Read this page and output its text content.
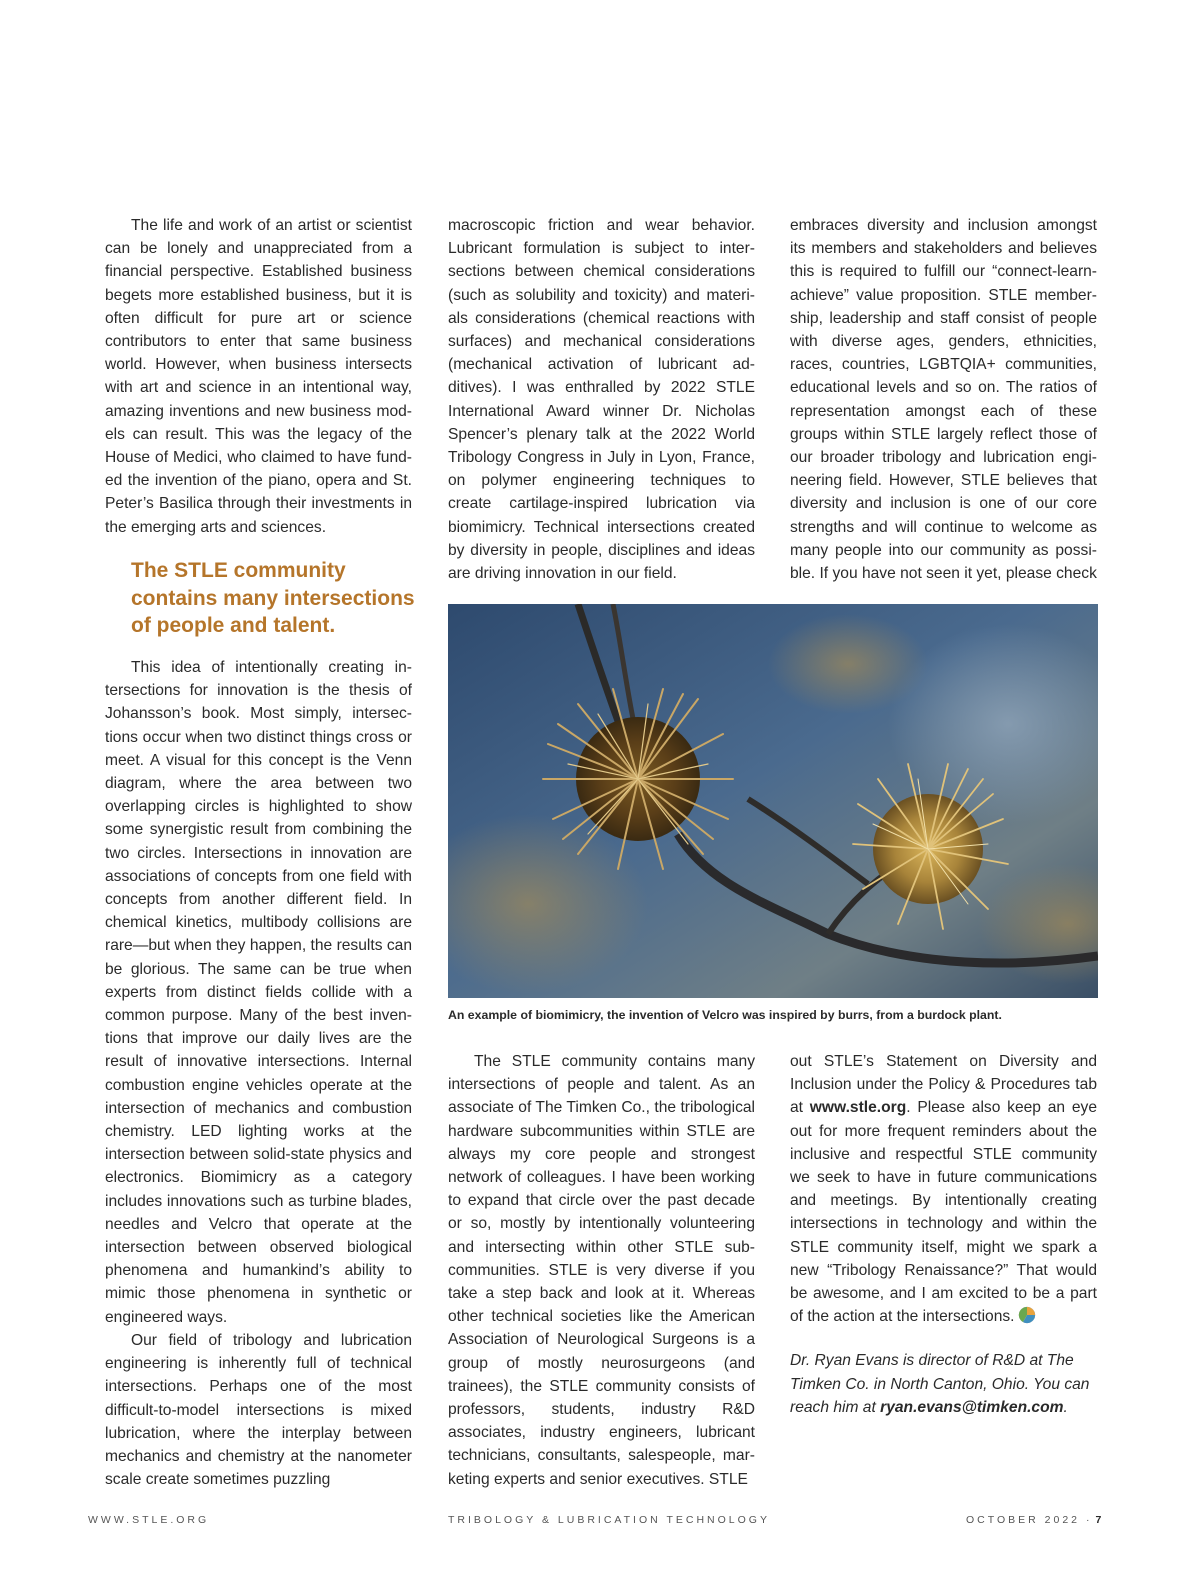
The life and work of an artist or scientist can be lonely and unappreciated from a financial perspective. Established business begets more established business, but it is often difficult for pure art or science contributors to enter that same business world. However, when business intersects with art and science in an intentional way, amazing inventions and new business models can result. This was the legacy of the House of Medici, who claimed to have funded the invention of the piano, opera and St. Peter’s Basilica through their investments in the emerging arts and sciences.

The STLE community contains many intersections of people and talent.

This idea of intentionally creating intersections for innovation is the thesis of Johansson’s book. Most simply, intersections occur when two distinct things cross or meet. A visual for this concept is the Venn diagram, where the area between two overlapping circles is highlighted to show some synergistic result from combining the two circles. Intersections in innovation are associations of concepts from one field with concepts from another different field. In chemical kinetics, multibody collisions are rare—but when they happen, the results can be glorious. The same can be true when experts from distinct fields collide with a common purpose. Many of the best inventions that improve our daily lives are the result of innovative intersections. Internal combustion engine vehicles operate at the intersection of mechanics and combustion chemistry. LED lighting works at the intersection between solid-state physics and electronics. Biomimicry as a category includes innovations such as turbine blades, needles and Velcro that operate at the intersection between observed biological phenomena and humankind’s ability to mimic those phenomena in synthetic or engineered ways.

Our field of tribology and lubrication engineering is inherently full of technical intersections. Perhaps one of the most difficult-to-model intersections is mixed lubrication, where the interplay between mechanics and chemistry at the nanometer scale create sometimes puzzling

macroscopic friction and wear behavior. Lubricant formulation is subject to intersections between chemical considerations (such as solubility and toxicity) and materials considerations (chemical reactions with surfaces) and mechanical considerations (mechanical activation of lubricant additives). I was enthralled by 2022 STLE International Award winner Dr. Nicholas Spencer’s plenary talk at the 2022 World Tribology Congress in July in Lyon, France, on polymer engineering techniques to create cartilage-inspired lubrication via biomimicry. Technical intersections created by diversity in people, disciplines and ideas are driving innovation in our field.

embraces diversity and inclusion amongst its members and stakeholders and believes this is required to fulfill our “connect-learn-achieve” value proposition. STLE membership, leadership and staff consist of people with diverse ages, genders, ethnicities, races, countries, LGBTQIA+ communities, educational levels and so on. The ratios of representation amongst each of these groups within STLE largely reflect those of our broader tribology and lubrication engineering field. However, STLE believes that diversity and inclusion is one of our core strengths and will continue to welcome as many people into our community as possible. If you have not seen it yet, please check

An example of biomimicry, the invention of Velcro was inspired by burrs, from a burdock plant.

The STLE community contains many intersections of people and talent. As an associate of The Timken Co., the tribological hardware subcommunities within STLE are always my core people and strongest network of colleagues. I have been working to expand that circle over the past decade or so, mostly by intentionally volunteering and intersecting within other STLE subcommunities. STLE is very diverse if you take a step back and look at it. Whereas other technical societies like the American Association of Neurological Surgeons is a group of mostly neurosurgeons (and trainees), the STLE community consists of professors, students, industry R&D associates, industry engineers, lubricant technicians, consultants, salespeople, marketing experts and senior executives. STLE

out STLE’s Statement on Diversity and Inclusion under the Policy & Procedures tab at www.stle.org. Please also keep an eye out for more frequent reminders about the inclusive and respectful STLE community we seek to have in future communications and meetings. By intentionally creating intersections in technology and within the STLE community itself, might we spark a new “Tribology Renaissance?” That would be awesome, and I am excited to be a part of the action at the intersections.

Dr. Ryan Evans is director of R&D at The Timken Co. in North Canton, Ohio. You can reach him at ryan.evans@timken.com.

WWW.STLE.ORG	TRIBOLOGY & LUBRICATION TECHNOLOGY	OCTOBER 2022 · 7
